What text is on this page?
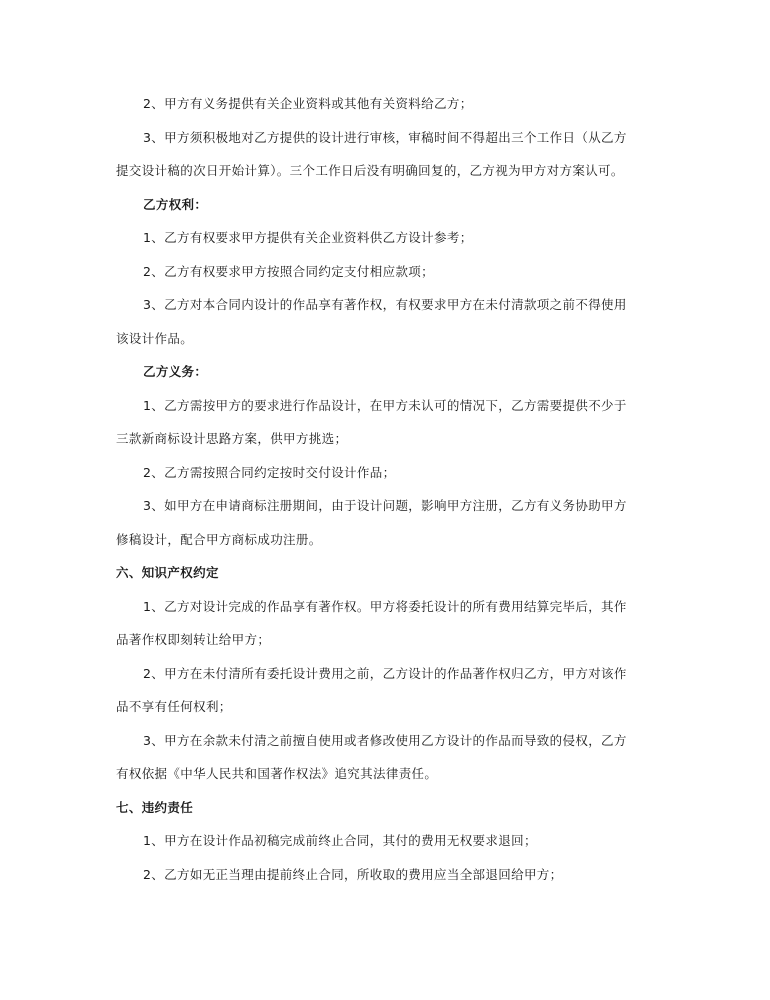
2、甲方有义务提供有关企业资料或其他有关资料给乙方；

3、甲方须积极地对乙方提供的设计进行审核，审稿时间不得超出三个工作日（从乙方

提交设计稿的次日开始计算）。三个工作日后没有明确回复的，乙方视为甲方对方案认可。

乙方权利：

1、乙方有权要求甲方提供有关企业资料供乙方设计参考；

2、乙方有权要求甲方按照合同约定支付相应款项；

3、乙方对本合同内设计的作品享有著作权，有权要求甲方在未付清款项之前不得使用

该设计作品。

乙方义务：

1、乙方需按甲方的要求进行作品设计，在甲方未认可的情况下，乙方需要提供不少于

三款新商标设计思路方案，供甲方挑选；

2、乙方需按照合同约定按时交付设计作品；

3、如甲方在申请商标注册期间，由于设计问题，影响甲方注册，乙方有义务协助甲方

修稿设计，配合甲方商标成功注册。

六、知识产权约定

1、乙方对设计完成的作品享有著作权。甲方将委托设计的所有费用结算完毕后，其作

品著作权即刻转让给甲方；

2、甲方在未付清所有委托设计费用之前，乙方设计的作品著作权归乙方，甲方对该作

品不享有任何权利；

3、甲方在余款未付清之前擅自使用或者修改使用乙方设计的作品而导致的侵权，乙方

有权依据《中华人民共和国著作权法》追究其法律责任。

七、违约责任

1、甲方在设计作品初稿完成前终止合同，其付的费用无权要求退回；

2、乙方如无正当理由提前终止合同，所收取的费用应当全部退回给甲方；
